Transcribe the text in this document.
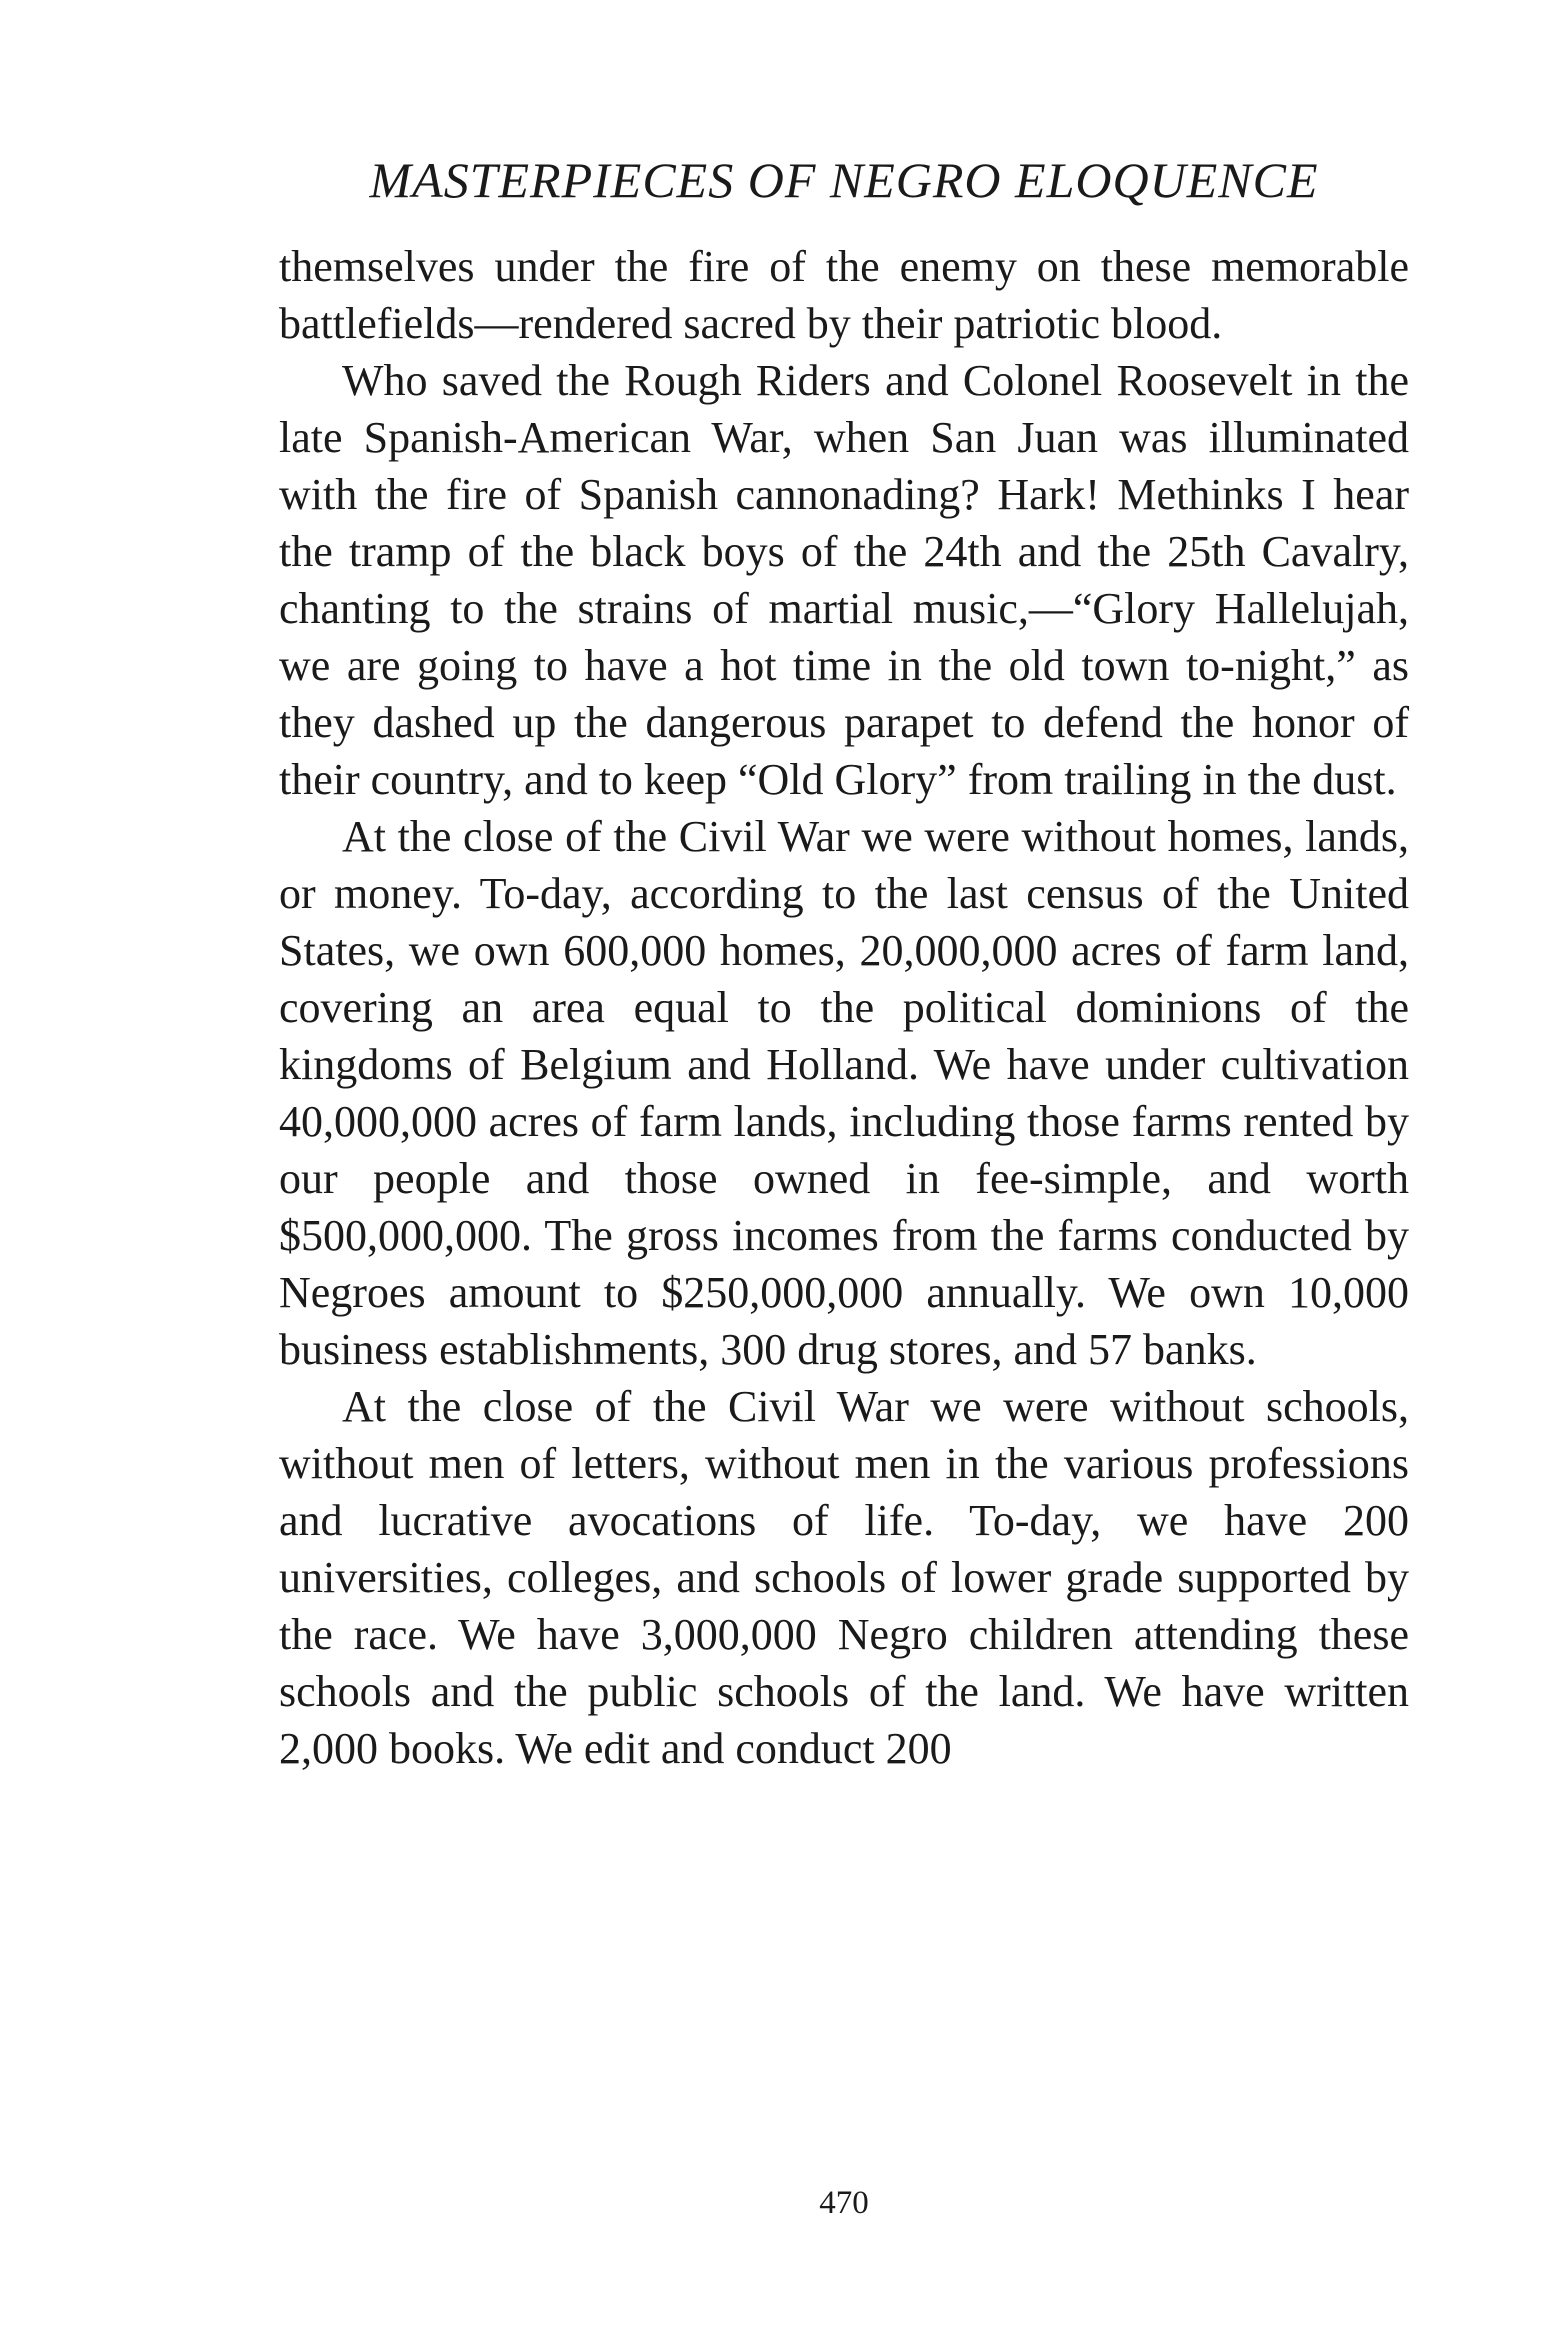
MASTERPIECES OF NEGRO ELOQUENCE

themselves under the fire of the enemy on these memorable battlefields—rendered sacred by their patriotic blood.

Who saved the Rough Riders and Colonel Roosevelt in the late Spanish-American War, when San Juan was illuminated with the fire of Spanish cannonading? Hark! Methinks I hear the tramp of the black boys of the 24th and the 25th Cavalry, chanting to the strains of martial music,—“Glory Hallelujah, we are going to have a hot time in the old town to-night,” as they dashed up the dangerous parapet to defend the honor of their country, and to keep “Old Glory” from trailing in the dust.

At the close of the Civil War we were without homes, lands, or money. To-day, according to the last census of the United States, we own 600,000 homes, 20,000,000 acres of farm land, covering an area equal to the political dominions of the kingdoms of Belgium and Holland. We have under cultivation 40,000,000 acres of farm lands, including those farms rented by our people and those owned in fee-simple, and worth $500,000,000. The gross incomes from the farms conducted by Negroes amount to $250,000,000 annually. We own 10,000 business establishments, 300 drug stores, and 57 banks.

At the close of the Civil War we were without schools, without men of letters, without men in the various professions and lucrative avocations of life. To-day, we have 200 universities, colleges, and schools of lower grade supported by the race. We have 3,000,000 Negro children attending these schools and the public schools of the land. We have written 2,000 books. We edit and conduct 200

470
